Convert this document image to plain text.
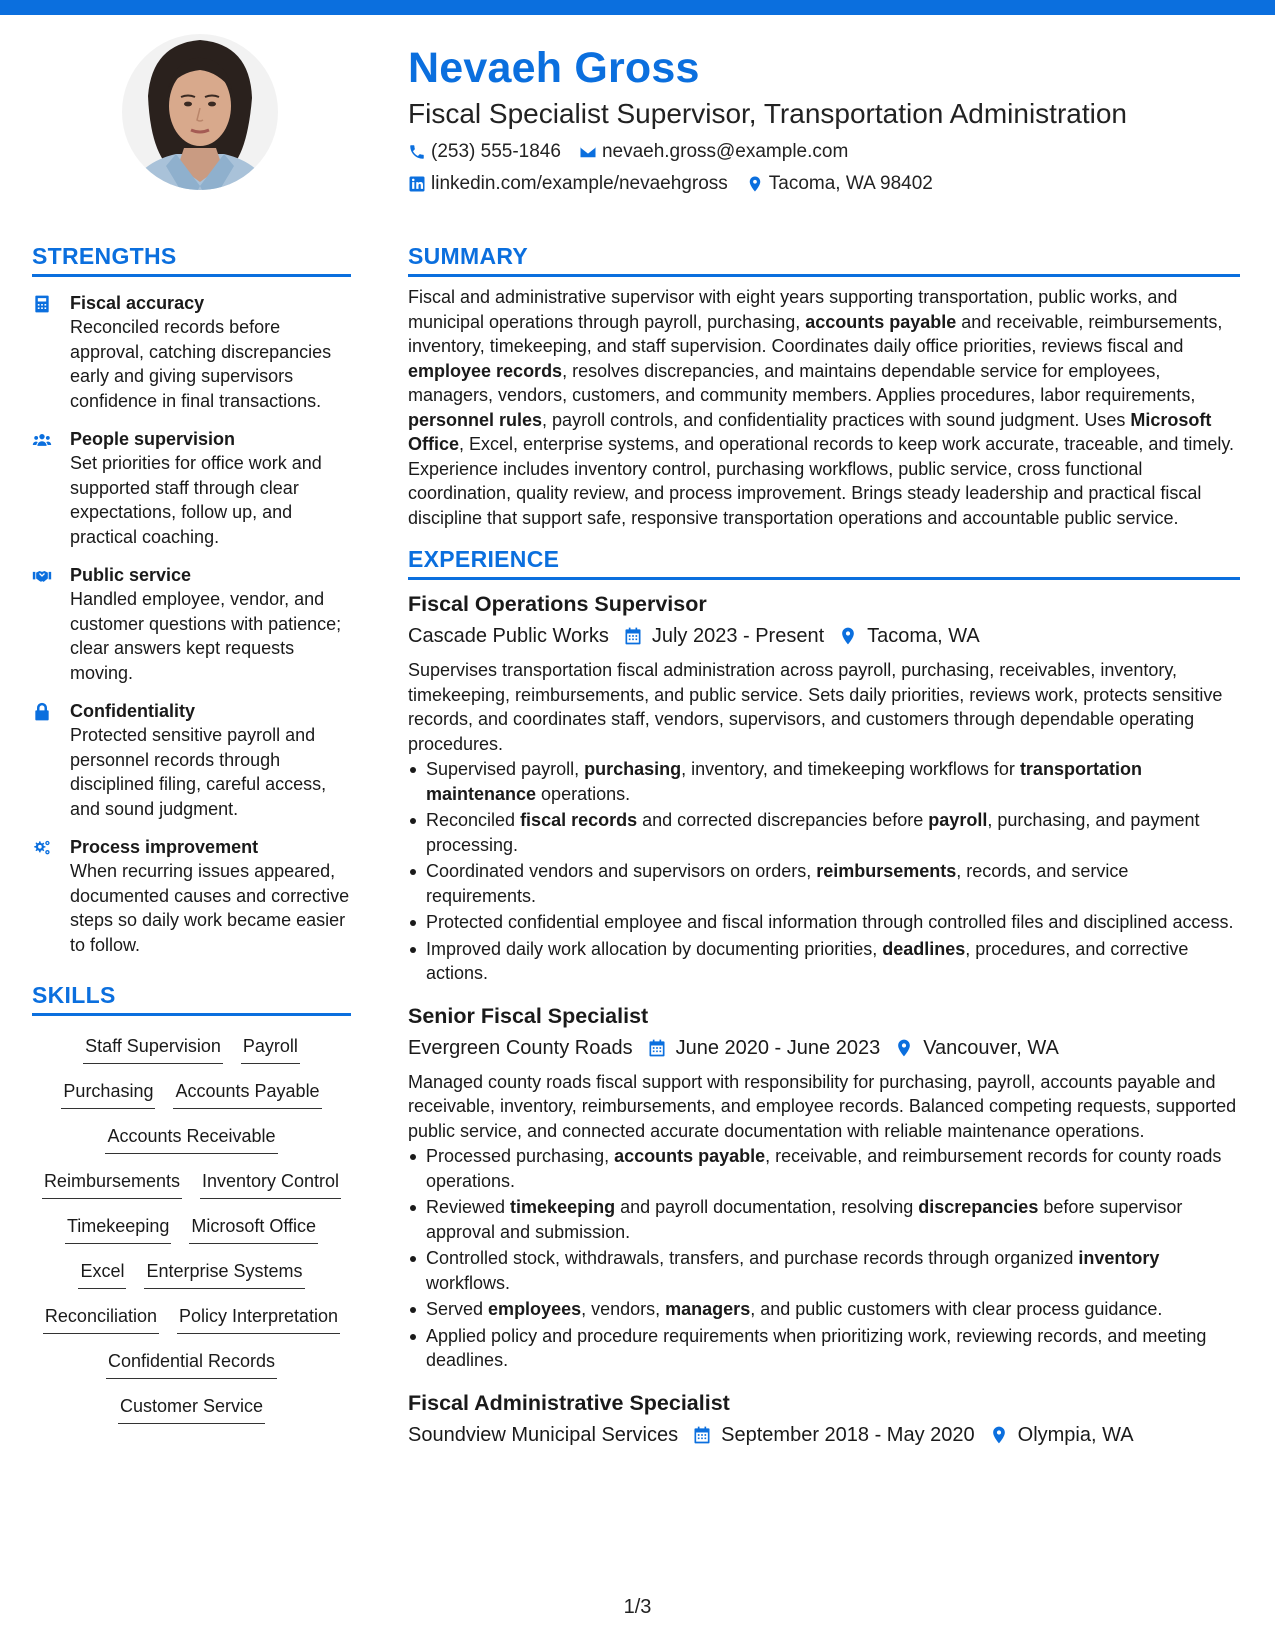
Nevaeh Gross
Fiscal Specialist Supervisor, Transportation Administration
(253) 555-1846 nevaeh.gross@example.com
linkedin.com/example/nevaehgross Tacoma, WA 98402
STRENGTHS
Fiscal accuracy
Reconciled records before approval, catching discrepancies early and giving supervisors confidence in final transactions.
People supervision
Set priorities for office work and supported staff through clear expectations, follow up, and practical coaching.
Public service
Handled employee, vendor, and customer questions with patience; clear answers kept requests moving.
Confidentiality
Protected sensitive payroll and personnel records through disciplined filing, careful access, and sound judgment.
Process improvement
When recurring issues appeared, documented causes and corrective steps so daily work became easier to follow.
SKILLS
Staff Supervision Payroll
Purchasing Accounts Payable
Accounts Receivable
Reimbursements Inventory Control
Timekeeping Microsoft Office
Excel Enterprise Systems
Reconciliation Policy Interpretation
Confidential Records
Customer Service
SUMMARY
Fiscal and administrative supervisor with eight years supporting transportation, public works, and municipal operations through payroll, purchasing, accounts payable and receivable, reimbursements, inventory, timekeeping, and staff supervision. Coordinates daily office priorities, reviews fiscal and employee records, resolves discrepancies, and maintains dependable service for employees, managers, vendors, customers, and community members. Applies procedures, labor requirements, personnel rules, payroll controls, and confidentiality practices with sound judgment. Uses Microsoft Office, Excel, enterprise systems, and operational records to keep work accurate, traceable, and timely. Experience includes inventory control, purchasing workflows, public service, cross functional coordination, quality review, and process improvement. Brings steady leadership and practical fiscal discipline that support safe, responsive transportation operations and accountable public service.
EXPERIENCE
Fiscal Operations Supervisor
Cascade Public Works July 2023 - Present Tacoma, WA
Supervises transportation fiscal administration across payroll, purchasing, receivables, inventory, timekeeping, reimbursements, and public service. Sets daily priorities, reviews work, protects sensitive records, and coordinates staff, vendors, supervisors, and customers through dependable operating procedures.
Supervised payroll, purchasing, inventory, and timekeeping workflows for transportation maintenance operations.
Reconciled fiscal records and corrected discrepancies before payroll, purchasing, and payment processing.
Coordinated vendors and supervisors on orders, reimbursements, records, and service requirements.
Protected confidential employee and fiscal information through controlled files and disciplined access.
Improved daily work allocation by documenting priorities, deadlines, procedures, and corrective actions.
Senior Fiscal Specialist
Evergreen County Roads June 2020 - June 2023 Vancouver, WA
Managed county roads fiscal support with responsibility for purchasing, payroll, accounts payable and receivable, inventory, reimbursements, and employee records. Balanced competing requests, supported public service, and connected accurate documentation with reliable maintenance operations.
Processed purchasing, accounts payable, receivable, and reimbursement records for county roads operations.
Reviewed timekeeping and payroll documentation, resolving discrepancies before supervisor approval and submission.
Controlled stock, withdrawals, transfers, and purchase records through organized inventory workflows.
Served employees, vendors, managers, and public customers with clear process guidance.
Applied policy and procedure requirements when prioritizing work, reviewing records, and meeting deadlines.
Fiscal Administrative Specialist
Soundview Municipal Services September 2018 - May 2020 Olympia, WA
1/3
